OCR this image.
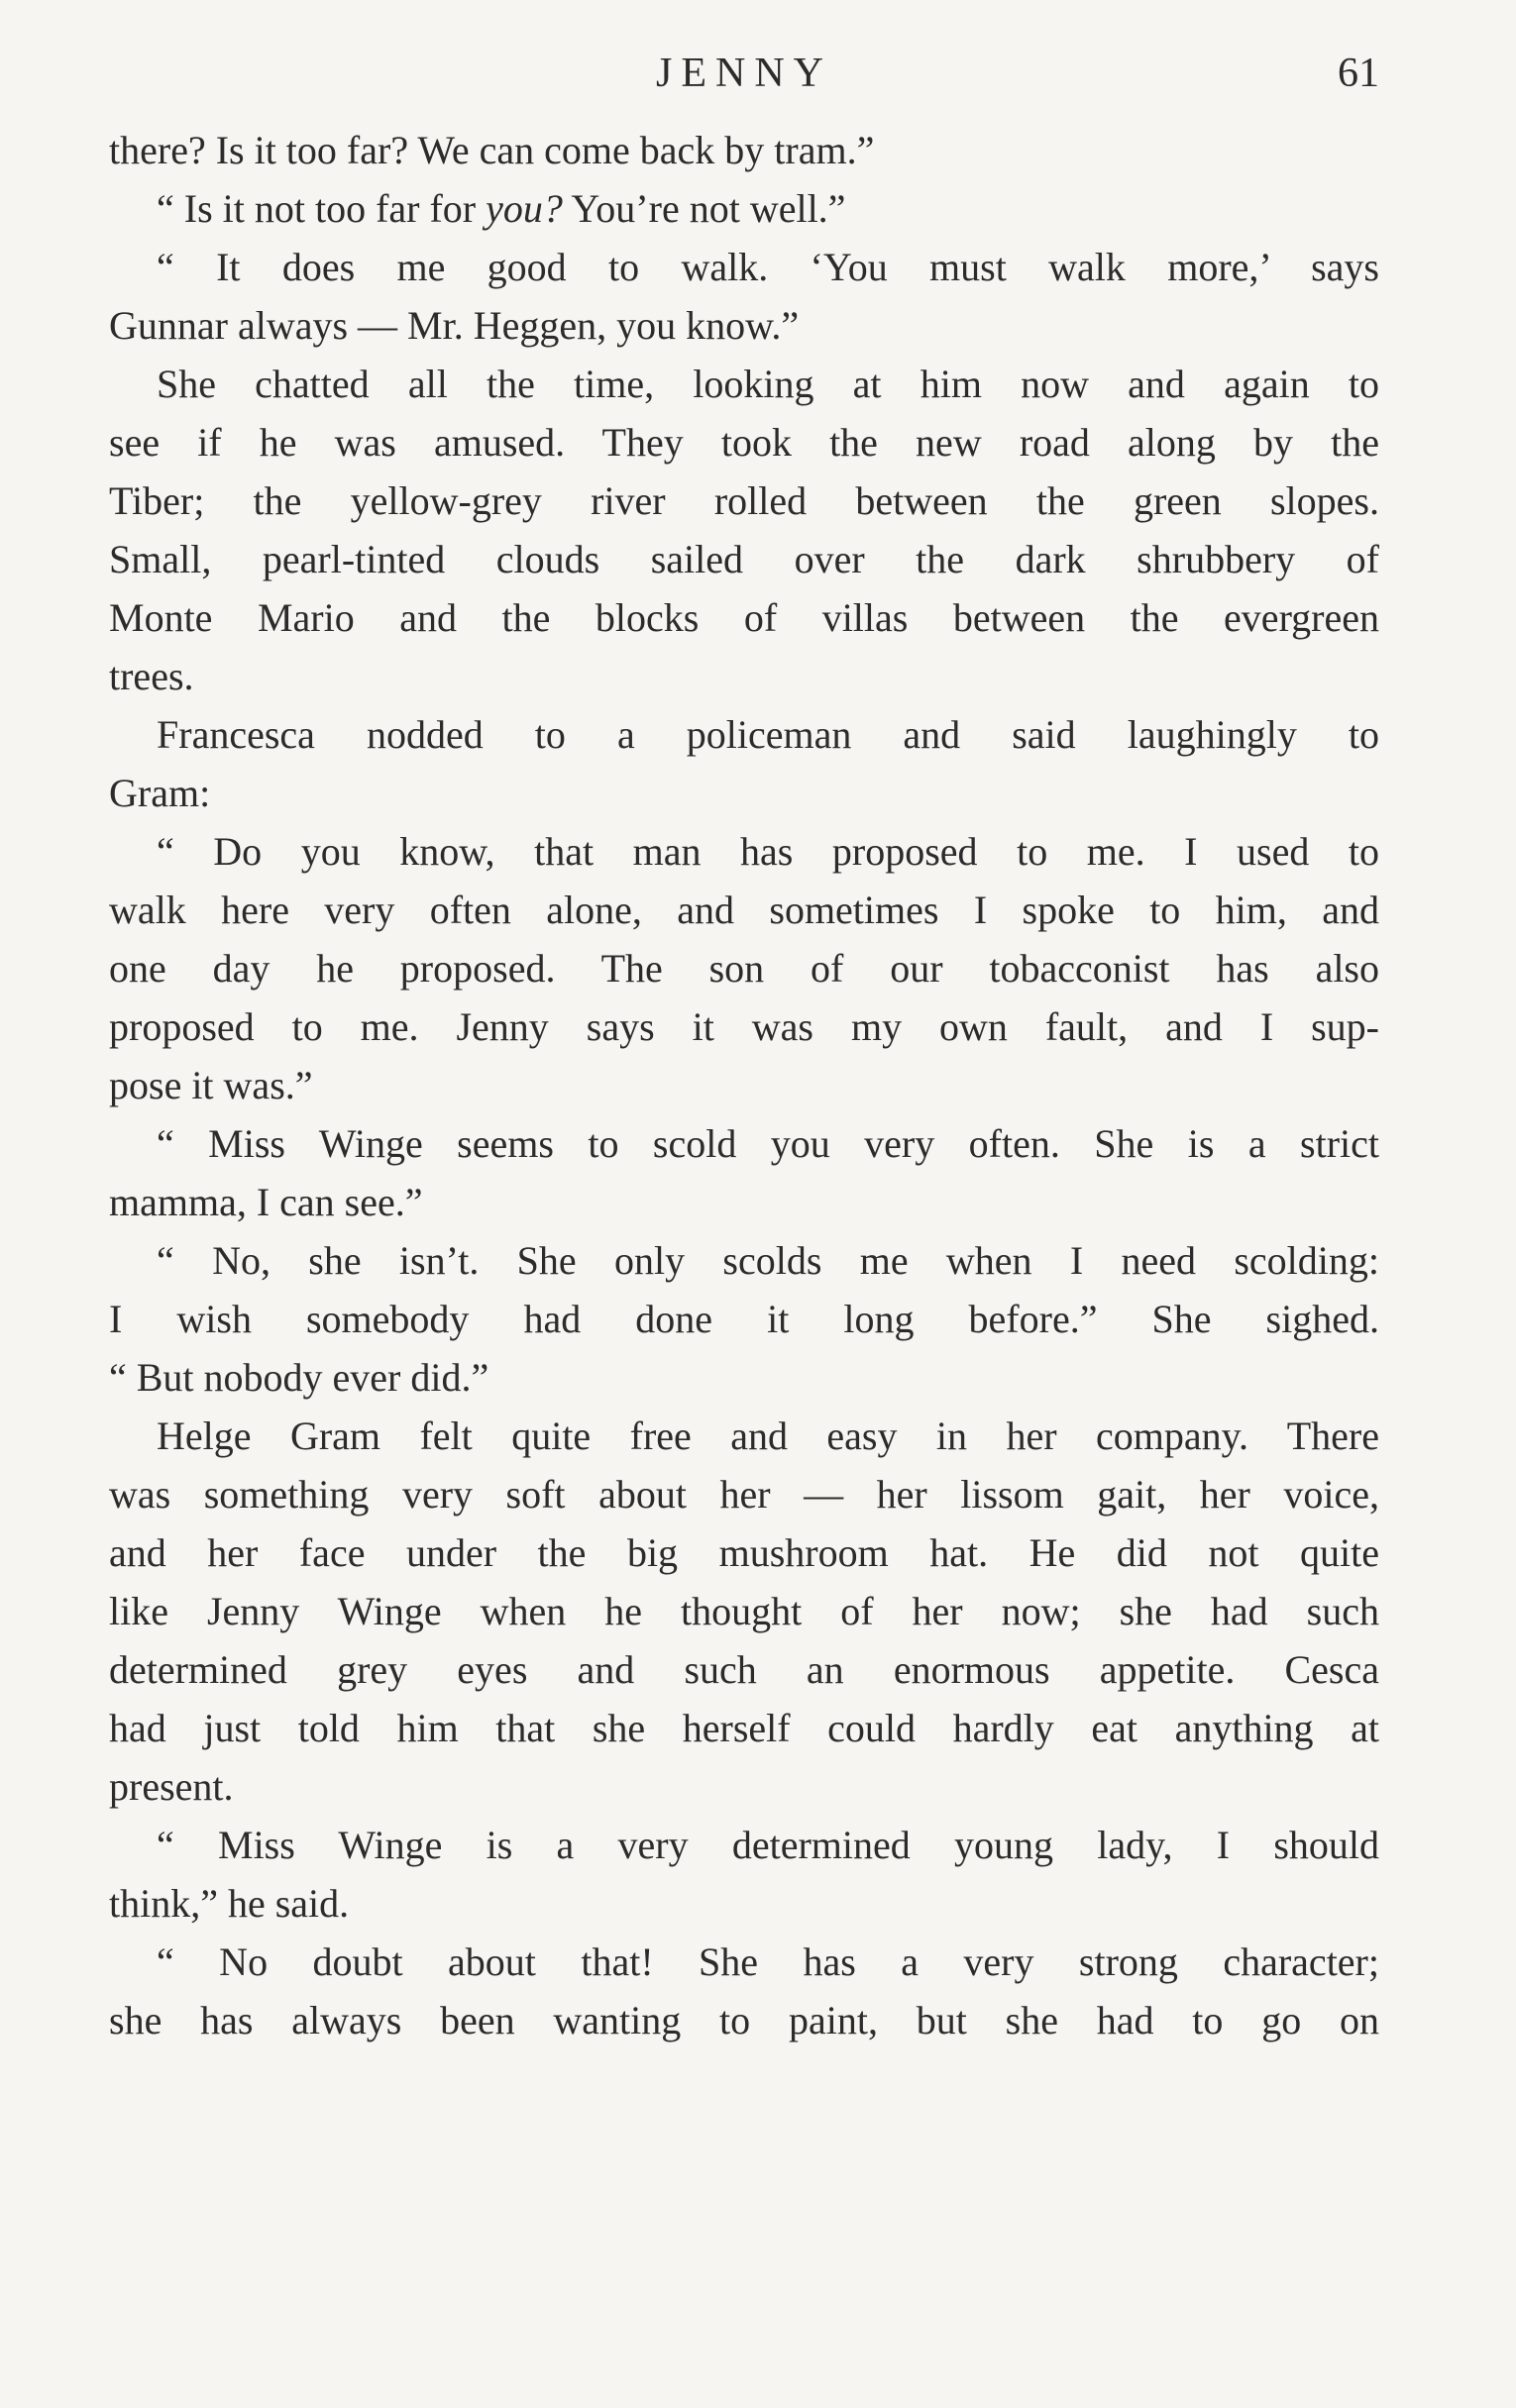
JENNY	61
there? Is it too far? We can come back by tram.”
“ Is it not too far for you? You’re not well.”
“ It does me good to walk. ‘You must walk more,’ says
Gunnar always — Mr. Heggen, you know.”
She chatted all the time, looking at him now and again to
see if he was amused. They took the new road along by the
Tiber; the yellow-grey river rolled between the green slopes.
Small, pearl-tinted clouds sailed over the dark shrubbery of
Monte Mario and the blocks of villas between the evergreen
trees.
Francesca nodded to a policeman and said laughingly to
Gram:
“ Do you know, that man has proposed to me. I used to
walk here very often alone, and sometimes I spoke to him, and
one day he proposed. The son of our tobacconist has also
proposed to me. Jenny says it was my own fault, and I sup-
pose it was.”
“ Miss Winge seems to scold you very often. She is a strict
mamma, I can see.”
“ No, she isn’t. She only scolds me when I need scolding:
I wish somebody had done it long before.” She sighed.
“ But nobody ever did.”
Helge Gram felt quite free and easy in her company. There
was something very soft about her — her lissom gait, her voice,
and her face under the big mushroom hat. He did not quite
like Jenny Winge when he thought of her now; she had such
determined grey eyes and such an enormous appetite. Cesca
had just told him that she herself could hardly eat anything at
present.
“ Miss Winge is a very determined young lady, I should
think,” he said.
“ No doubt about that! She has a very strong character;
she has always been wanting to paint, but she had to go on
